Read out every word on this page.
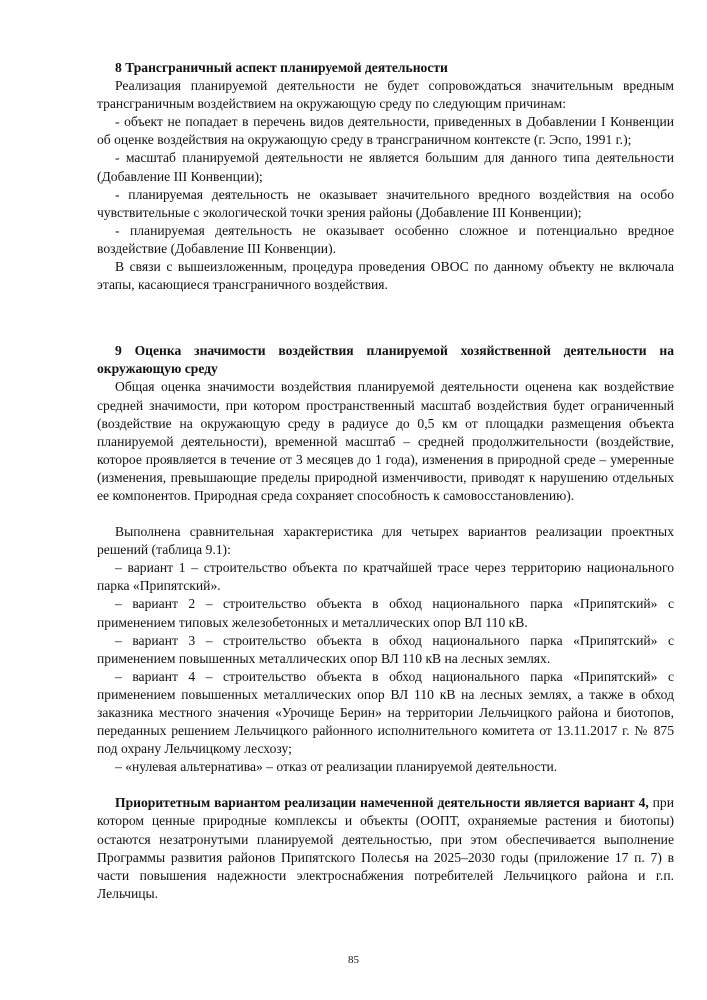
8 Трансграничный аспект планируемой деятельности

Реализация планируемой деятельности не будет сопровождаться значительным вредным трансграничным воздействием на окружающую среду по следующим причинам:

- объект не попадает в перечень видов деятельности, приведенных в Добавлении I Конвенции об оценке воздействия на окружающую среду в трансграничном контексте (г. Эспо, 1991 г.);

- масштаб планируемой деятельности не является большим для данного типа деятельности (Добавление III Конвенции);

- планируемая деятельность не оказывает значительного вредного воздействия на особо чувствительные с экологической точки зрения районы (Добавление III Конвенции);

- планируемая деятельность не оказывает особенно сложное и потенциально вредное воздействие (Добавление III Конвенции).

В связи с вышеизложенным, процедура проведения ОВОС по данному объекту не включала этапы, касающиеся трансграничного воздействия.

9 Оценка значимости воздействия планируемой хозяйственной деятельности на окружающую среду

Общая оценка значимости воздействия планируемой деятельности оценена как воздействие средней значимости, при котором пространственный масштаб воздействия будет ограниченный (воздействие на окружающую среду в радиусе до 0,5 км от площадки размещения объекта планируемой деятельности), временной масштаб – средней продолжительности (воздействие, которое проявляется в течение от 3 месяцев до 1 года), изменения в природной среде – умеренные (изменения, превышающие пределы природной изменчивости, приводят к нарушению отдельных ее компонентов. Природная среда сохраняет способность к самовосстановлению).

Выполнена сравнительная характеристика для четырех вариантов реализации проектных решений (таблица 9.1):

– вариант 1 – строительство объекта по кратчайшей трасе через территорию национального парка «Припятский».

– вариант 2 – строительство объекта в обход национального парка «Припятский» с применением типовых железобетонных и металлических опор ВЛ 110 кВ.

– вариант 3 – строительство объекта в обход национального парка «Припятский» с применением повышенных металлических опор ВЛ 110 кВ на лесных землях.

– вариант 4 – строительство объекта в обход национального парка «Припятский» с применением повышенных металлических опор ВЛ 110 кВ на лесных землях, а также в обход заказника местного значения «Урочище Берин» на территории Лельчицкого района и биотопов, переданных решением Лельчицкого районного исполнительного комитета от 13.11.2017 г. № 875 под охрану Лельчицкому лесхозу;

– «нулевая альтернатива» – отказ от реализации планируемой деятельности.

Приоритетным вариантом реализации намеченной деятельности является вариант 4, при котором ценные природные комплексы и объекты (ООПТ, охраняемые растения и биотопы) остаются незатронутыми планируемой деятельностью, при этом обеспечивается выполнение Программы развития районов Припятского Полесья на 2025–2030 годы (приложение 17 п. 7) в части повышения надежности электроснабжения потребителей Лельчицкого района и г.п. Лельчицы.

85
